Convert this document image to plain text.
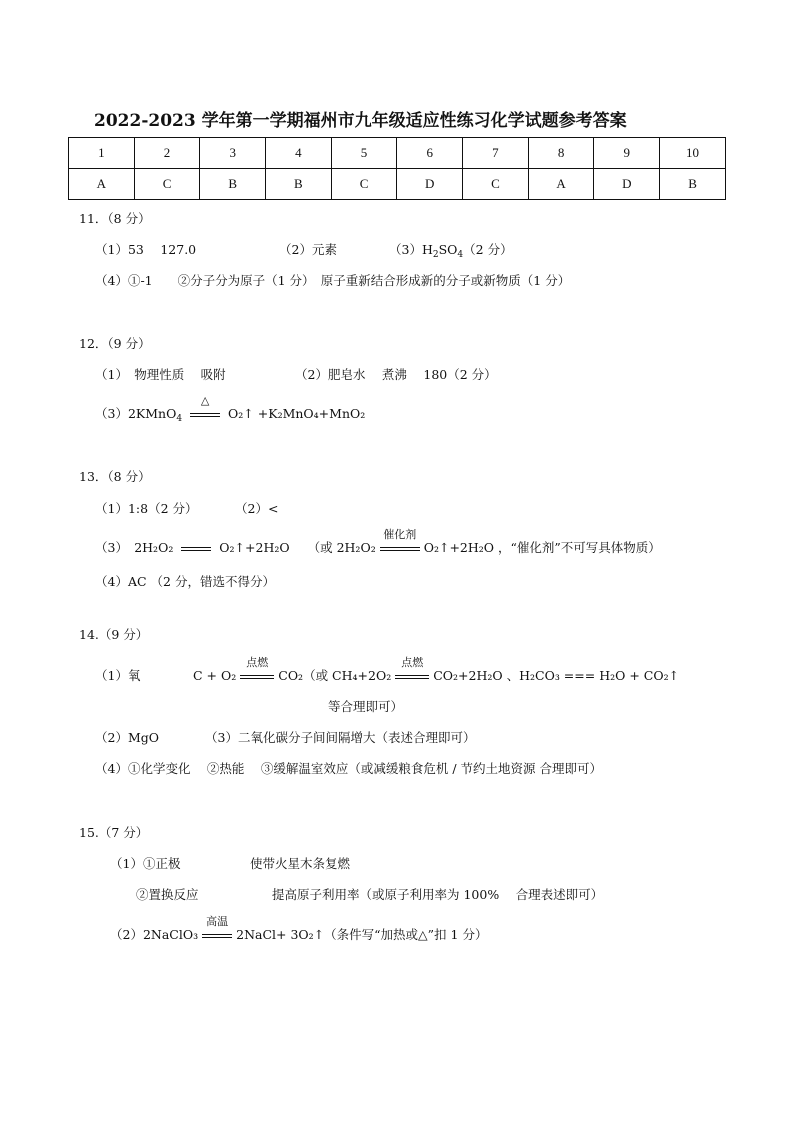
2022-2023 学年第一学期福州市九年级适应性练习化学试题参考答案
1	2	3	4	5	6	7	8	9	10
A	C	B	B	C	D	C	A	D	B
11．（8 分）
（1）53　 127.0	（2）元素	$(3)H_2SO_4(2$ 分）
（4）①-1　　②分子分为原子（1 分）　原子重新结合形成新的分子或新物质（1 分）
12．（9 分）
（1）　物理性质　 吸附	（2）肥皂水　 煮沸　 180（2 分）
（3）2KMnO$_4$
△
O₂↑ +K₂MnO₄+MnO₂
13．（8 分）
（1）1:8（2 分）	（2）<
（3）　2H₂O₂	O₂↑+2H₂O （或 2H₂O₂
催化剂
O₂↑+2H₂O ，“催化剂”不可写具体物质）
（4）AC （2 分，错选不得分）
14.（9 分）
（1）氧	C + O₂
点燃
CO₂（或 CH₄+2O₂
点燃
CO₂+2H₂O 、H₂CO₃ === H₂O + CO₂↑
等合理即可）
（2）MgO	（3）二氧化碳分子间间隔增大（表述合理即可）
（4）①化学变化　 ②热能　 ③缓解温室效应（或减缓粮食危机 / 节约土地资源 合理即可）
15.（7 分）
（1）①正极	使带火星木条复燃
②置换反应	提高原子利用率（或原子利用率为 100%　 合理表述即可）
（2）2NaClO₃
高温
2NaCl+ 3O₂↑（条件写“加热或△”扣 1 分）
